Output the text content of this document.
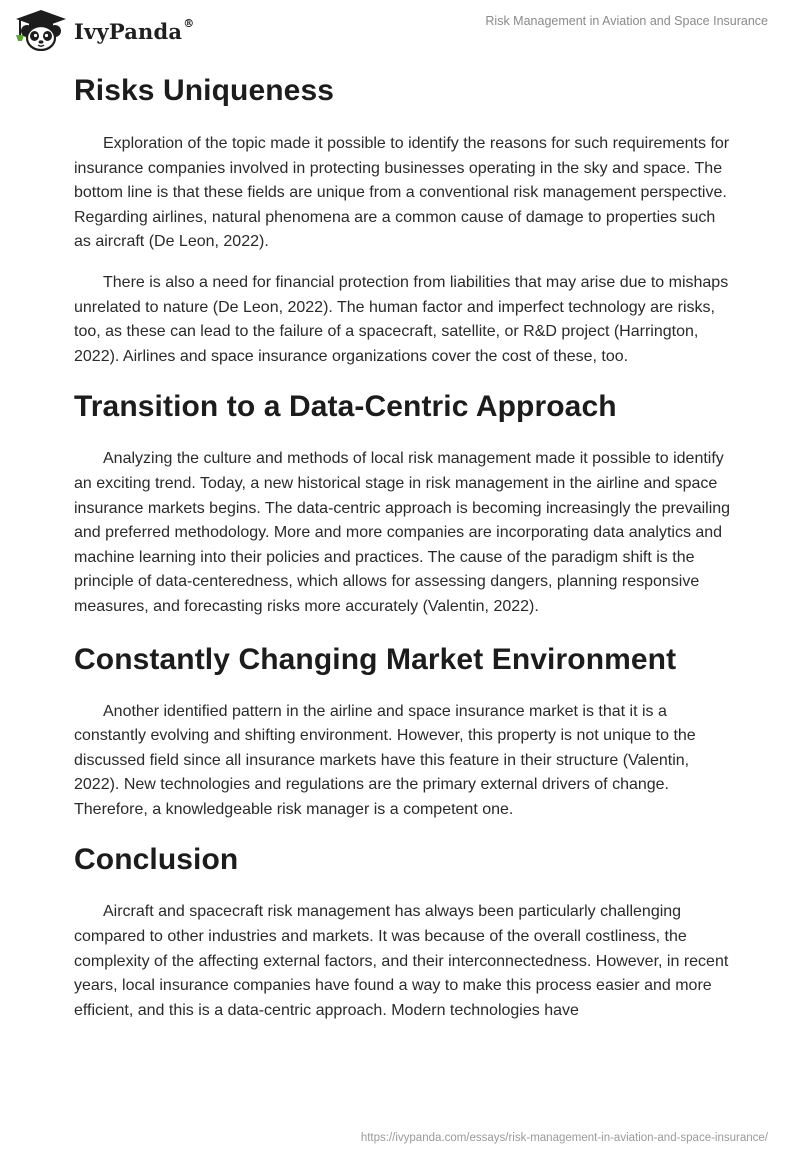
IvyPanda®	Risk Management in Aviation and Space Insurance
Risks Uniqueness

Exploration of the topic made it possible to identify the reasons for such requirements for insurance companies involved in protecting businesses operating in the sky and space. The bottom line is that these fields are unique from a conventional risk management perspective. Regarding airlines, natural phenomena are a common cause of damage to properties such as aircraft (De Leon, 2022).

There is also a need for financial protection from liabilities that may arise due to mishaps unrelated to nature (De Leon, 2022). The human factor and imperfect technology are risks, too, as these can lead to the failure of a spacecraft, satellite, or R&D project (Harrington, 2022). Airlines and space insurance organizations cover the cost of these, too.

Transition to a Data-Centric Approach

Analyzing the culture and methods of local risk management made it possible to identify an exciting trend. Today, a new historical stage in risk management in the airline and space insurance markets begins. The data-centric approach is becoming increasingly the prevailing and preferred methodology. More and more companies are incorporating data analytics and machine learning into their policies and practices. The cause of the paradigm shift is the principle of data-centeredness, which allows for assessing dangers, planning responsive measures, and forecasting risks more accurately (Valentin, 2022).

Constantly Changing Market Environment

Another identified pattern in the airline and space insurance market is that it is a constantly evolving and shifting environment. However, this property is not unique to the discussed field since all insurance markets have this feature in their structure (Valentin, 2022). New technologies and regulations are the primary external drivers of change. Therefore, a knowledgeable risk manager is a competent one.

Conclusion

Aircraft and spacecraft risk management has always been particularly challenging compared to other industries and markets. It was because of the overall costliness, the complexity of the affecting external factors, and their interconnectedness. However, in recent years, local insurance companies have found a way to make this process easier and more efficient, and this is a data-centric approach. Modern technologies have

https://ivypanda.com/essays/risk-management-in-aviation-and-space-insurance/
